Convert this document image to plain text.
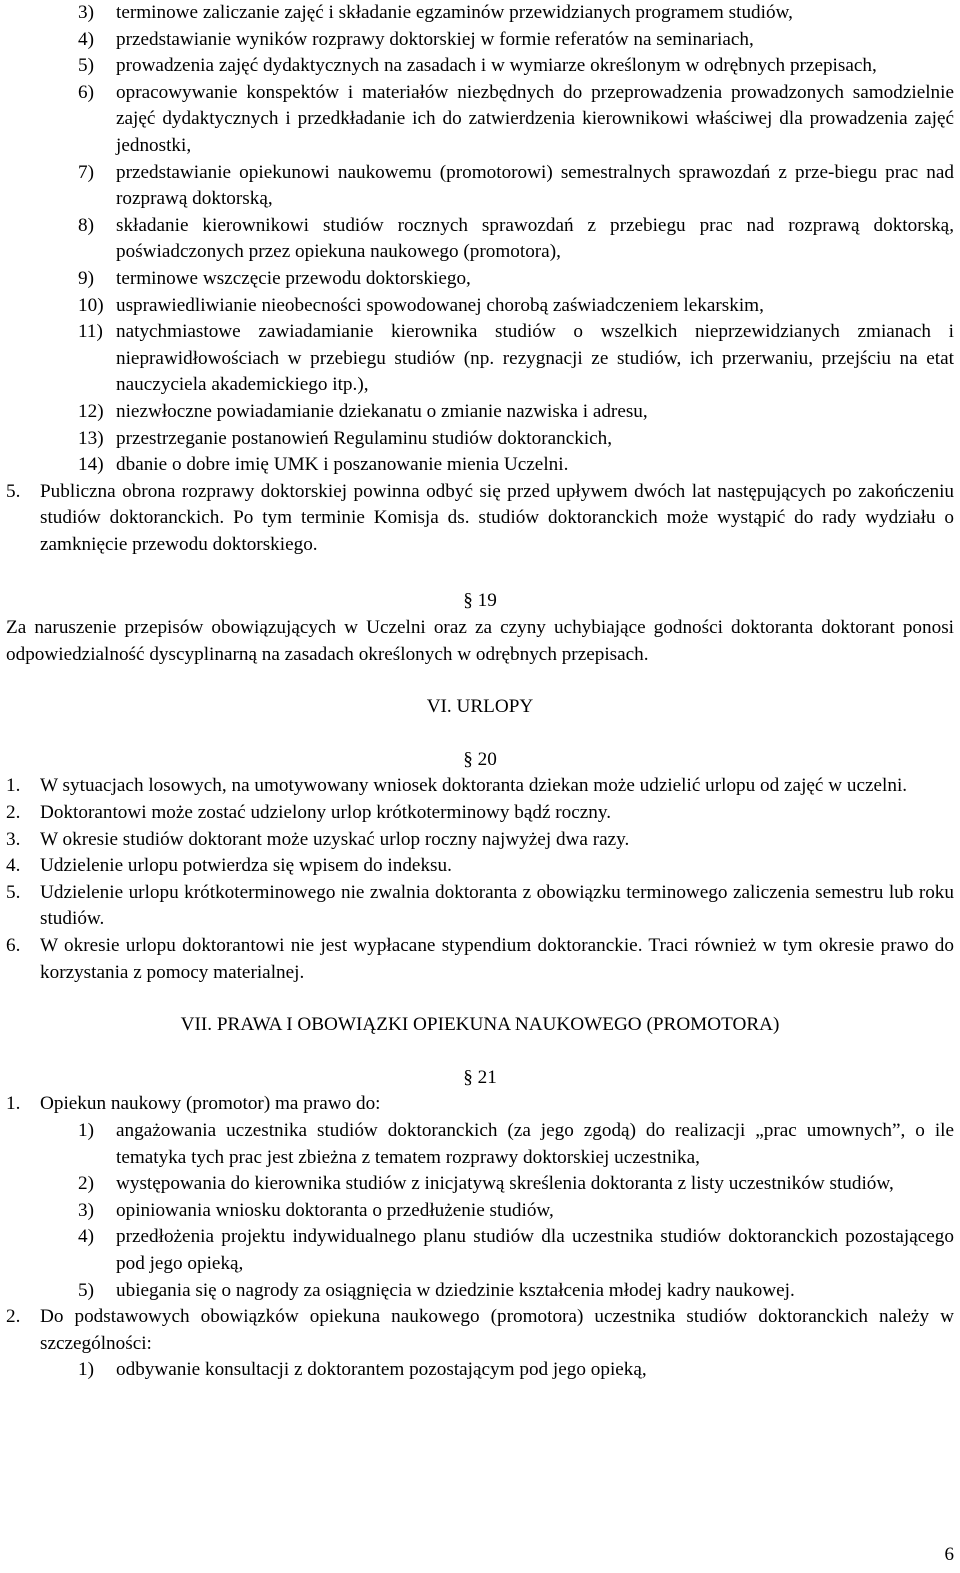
3)	terminowe zaliczanie zajęć i składanie egzaminów przewidzianych programem studiów,
4)	przedstawianie wyników rozprawy doktorskiej w formie referatów na seminariach,
5)	prowadzenia zajęć dydaktycznych na zasadach i w wymiarze określonym w odrębnych przepisach,
6)	opracowywanie konspektów i materiałów niezbędnych do przeprowadzenia prowadzonych samodzielnie zajęć dydaktycznych i przedkładanie ich do zatwierdzenia kierownikowi właściwej dla prowadzenia zajęć jednostki,
7)	przedstawianie opiekunowi naukowemu (promotorowi) semestralnych sprawozdań z prze-biegu prac nad rozprawą doktorską,
8)	składanie kierownikowi studiów rocznych sprawozdań z przebiegu prac nad rozprawą doktorską, poświadczonych przez opiekuna naukowego (promotora),
9)	terminowe wszczęcie przewodu doktorskiego,
10) usprawiedliwianie nieobecności spowodowanej chorobą zaświadczeniem lekarskim,
11) natychmiastowe zawiadamianie kierownika studiów o wszelkich nieprzewidzianych zmianach i nieprawidłowościach w przebiegu studiów (np. rezygnacji ze studiów, ich przerwaniu, przejściu na etat nauczyciela akademickiego itp.),
12) niezwłoczne powiadamianie dziekanatu o zmianie nazwiska i adresu,
13) przestrzeganie postanowień Regulaminu studiów doktoranckich,
14) dbanie o dobre imię UMK i poszanowanie mienia Uczelni.
5.	Publiczna obrona rozprawy doktorskiej powinna odbyć się przed upływem dwóch lat następujących po zakończeniu studiów doktoranckich. Po tym terminie Komisja ds. studiów doktoranckich może wystąpić do rady wydziału o zamknięcie przewodu doktorskiego.
§ 19

Za naruszenie przepisów obowiązujących w Uczelni oraz za czyny uchybiające godności doktoranta doktorant ponosi odpowiedzialność dyscyplinarną na zasadach określonych w odrębnych przepisach.

VI. URLOPY
§ 20
1.	W sytuacjach losowych, na umotywowany wniosek doktoranta dziekan może udzielić urlopu od zajęć w uczelni.
2.	Doktorantowi może zostać udzielony urlop krótkoterminowy bądź roczny.
3.	W okresie studiów doktorant może uzyskać urlop roczny najwyżej dwa razy.
4.	Udzielenie urlopu potwierdza się wpisem do indeksu.
5.	Udzielenie urlopu krótkoterminowego nie zwalnia doktoranta z obowiązku terminowego zaliczenia semestru lub roku studiów.
6.	W okresie urlopu doktorantowi nie jest wypłacane stypendium doktoranckie. Traci również w tym okresie prawo do korzystania z pomocy materialnej.
VII. PRAWA I OBOWIĄZKI OPIEKUNA NAUKOWEGO (PROMOTORA)
§ 21
1.	Opiekun naukowy (promotor) ma prawo do:
1)	angażowania uczestnika studiów doktoranckich (za jego zgodą) do realizacji „prac umownych”, o ile tematyka tych prac jest zbieżna z tematem rozprawy doktorskiej uczestnika,
2)	występowania do kierownika studiów z inicjatywą skreślenia doktoranta z listy uczestników studiów,
3)	opiniowania wniosku doktoranta o przedłużenie studiów,
4)	przedłożenia projektu indywidualnego planu studiów dla uczestnika studiów doktoranckich pozostającego pod jego opieką,
5)	ubiegania się o nagrody za osiągnięcia w dziedzinie kształcenia młodej kadry naukowej.
2.	Do podstawowych obowiązków opiekuna naukowego (promotora) uczestnika studiów doktoranckich należy w szczególności:
1)	odbywanie konsultacji z doktorantem pozostającym pod jego opieką,
6
